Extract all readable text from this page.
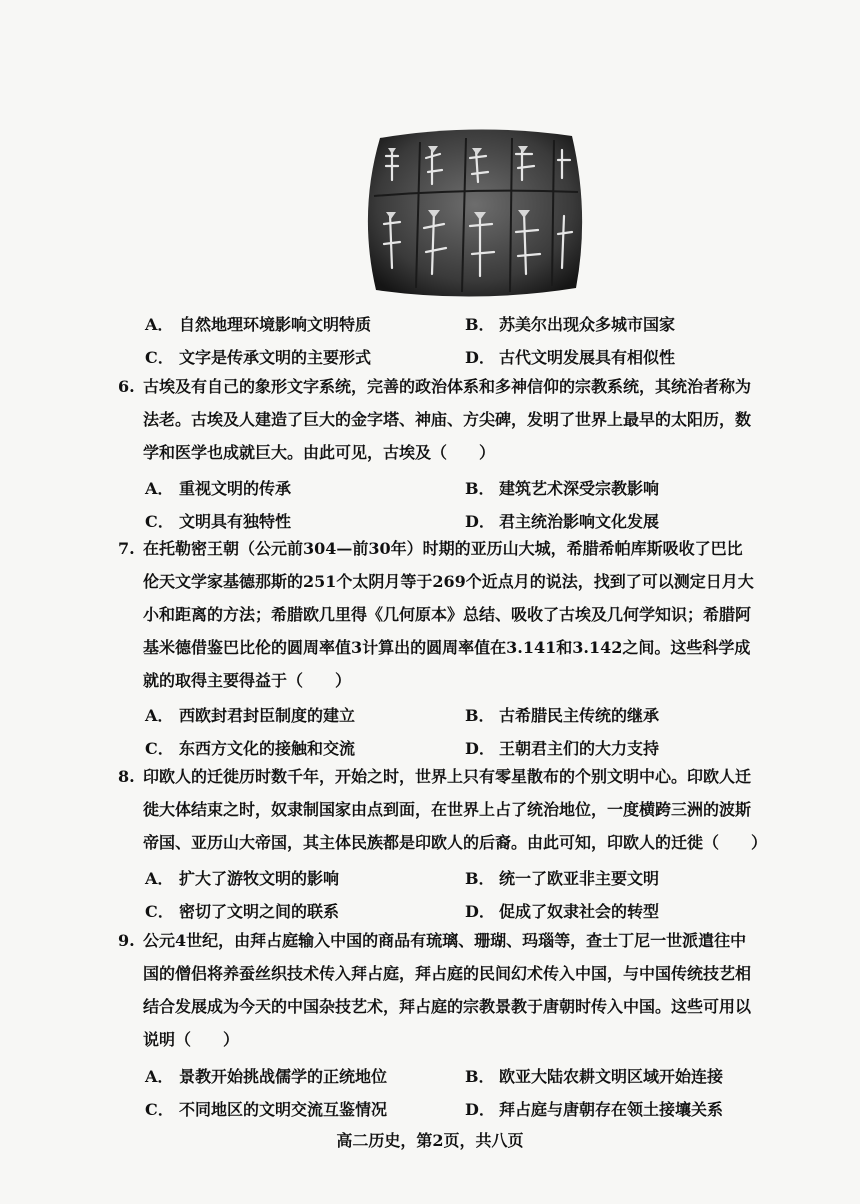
A． 自然地理环境影响文明特质	B． 苏美尔出现众多城市国家
C． 文字是传承文明的主要形式	D． 古代文明发展具有相似性
6. 古埃及有自己的象形文字系统，完善的政治体系和多神信仰的宗教系统，其统治者称为
法老。古埃及人建造了巨大的金字塔、神庙、方尖碑，发明了世界上最早的太阳历，数
学和医学也成就巨大。由此可见，古埃及（　　）
A． 重视文明的传承	B． 建筑艺术深受宗教影响
C． 文明具有独特性	D． 君主统治影响文化发展
7. 在托勒密王朝（公元前304—前30年）时期的亚历山大城，希腊希帕库斯吸收了巴比
伦天文学家基德那斯的251个太阴月等于269个近点月的说法，找到了可以测定日月大
小和距离的方法；希腊欧几里得《几何原本》总结、吸收了古埃及几何学知识；希腊阿
基米德借鉴巴比伦的圆周率值3计算出的圆周率值在3.141和3.142之间。这些科学成
就的取得主要得益于（　　）
A． 西欧封君封臣制度的建立	B． 古希腊民主传统的继承
C． 东西方文化的接触和交流	D． 王朝君主们的大力支持
8. 印欧人的迁徙历时数千年，开始之时，世界上只有零星散布的个别文明中心。印欧人迁
徙大体结束之时，奴隶制国家由点到面，在世界上占了统治地位，一度横跨三洲的波斯
帝国、亚历山大帝国，其主体民族都是印欧人的后裔。由此可知，印欧人的迁徙（　　）
A． 扩大了游牧文明的影响	B． 统一了欧亚非主要文明
C． 密切了文明之间的联系	D． 促成了奴隶社会的转型
9. 公元4世纪，由拜占庭输入中国的商品有琉璃、珊瑚、玛瑙等，查士丁尼一世派遣往中
国的僧侣将养蚕丝织技术传入拜占庭，拜占庭的民间幻术传入中国，与中国传统技艺相
结合发展成为今天的中国杂技艺术，拜占庭的宗教景教于唐朝时传入中国。这些可用以
说明（　　）
A． 景教开始挑战儒学的正统地位	B． 欧亚大陆农耕文明区域开始连接
C． 不同地区的文明交流互鉴情况	D． 拜占庭与唐朝存在领土接壤关系
高二历史，第2页，共八页
